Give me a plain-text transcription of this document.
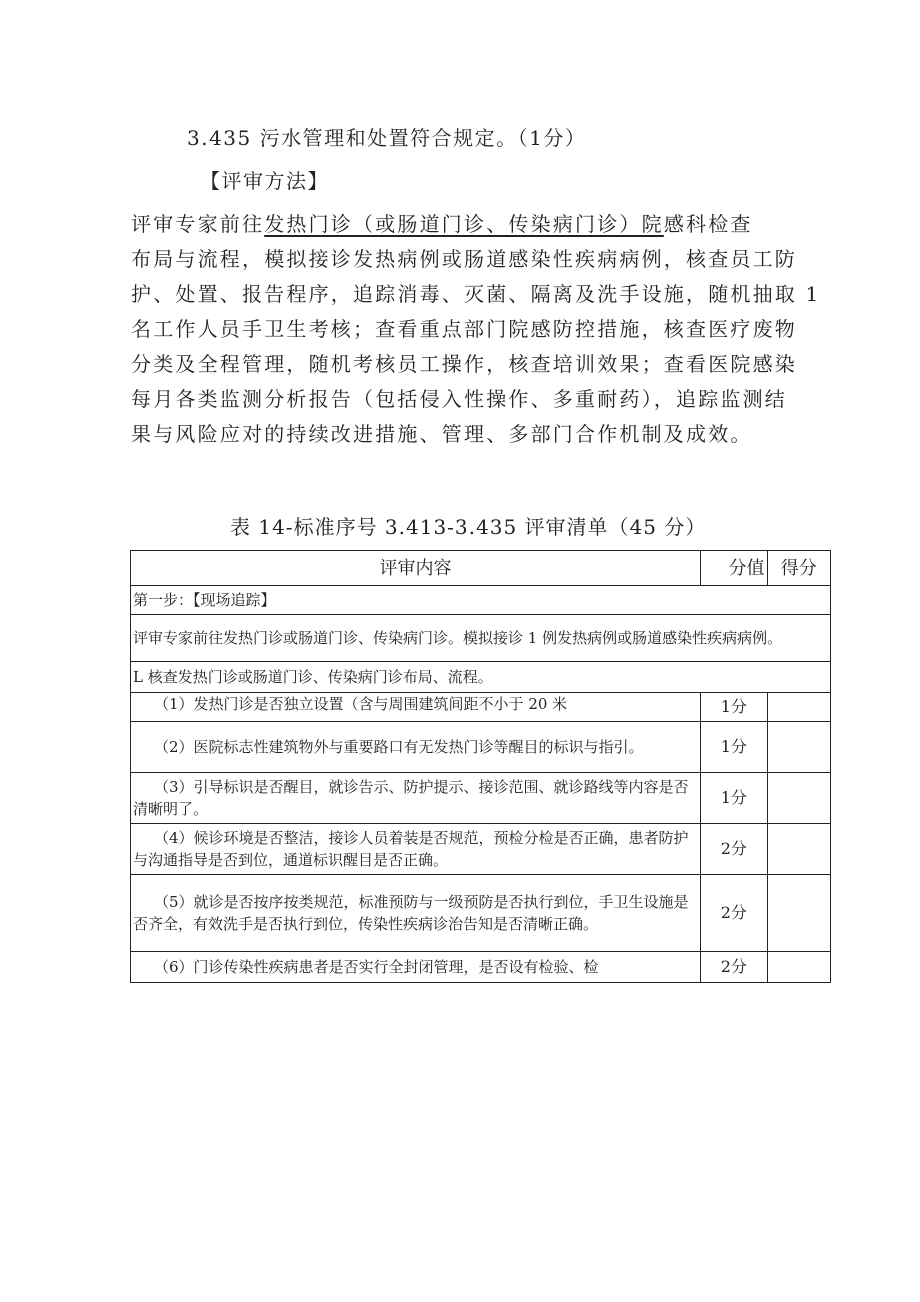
3.435 污水管理和处置符合规定。（1分）

【评审方法】

评审专家前往发热门诊（或肠道门诊、传染病门诊）院感科检查
布局与流程，模拟接诊发热病例或肠道感染性疾病病例，核查员工防
护、处置、报告程序，追踪消毒、灭菌、隔离及洗手设施，随机抽取 1
名工作人员手卫生考核；查看重点部门院感防控措施，核查医疗废物
分类及全程管理，随机考核员工操作，核查培训效果；查看医院感染
每月各类监测分析报告（包括侵入性操作、多重耐药），追踪监测结
果与风险应对的持续改进措施、管理、多部门合作机制及成效。

表 14-标准序号 3.413-3.435 评审清单（45 分）

评审内容	分值	得分
第一步：【现场追踪】		
评审专家前往发热门诊或肠道门诊、传染病门诊。模拟接诊 1 例发热病例或肠道感染性疾病病例。		
L 核查发热门诊或肠道门诊、传染病门诊布局、流程。		

（1）发热门诊是否独立设置（含与周围建筑间距不小于 20 米	1分	
（2）医院标志性建筑物外与重要路口有无发热门诊等醒目的标识与指引。	1分	
（3）引导标识是否醒目，就诊告示、防护提示、接诊范围、就诊路线等内容是否清晰明了。	1分	
（4）候诊环境是否整洁，接诊人员着装是否规范，预检分检是否正确，患者防护与沟通指导是否到位，通道标识醒目是否正确。	2分	
（5）就诊是否按序按类规范，标准预防与一级预防是否执行到位，手卫生设施是否齐全，有效洗手是否执行到位，传染性疾病诊治告知是否清晰正确。	2分	
（6）门诊传染性疾病患者是否实行全封闭管理，是否设有检验、检	2分	
